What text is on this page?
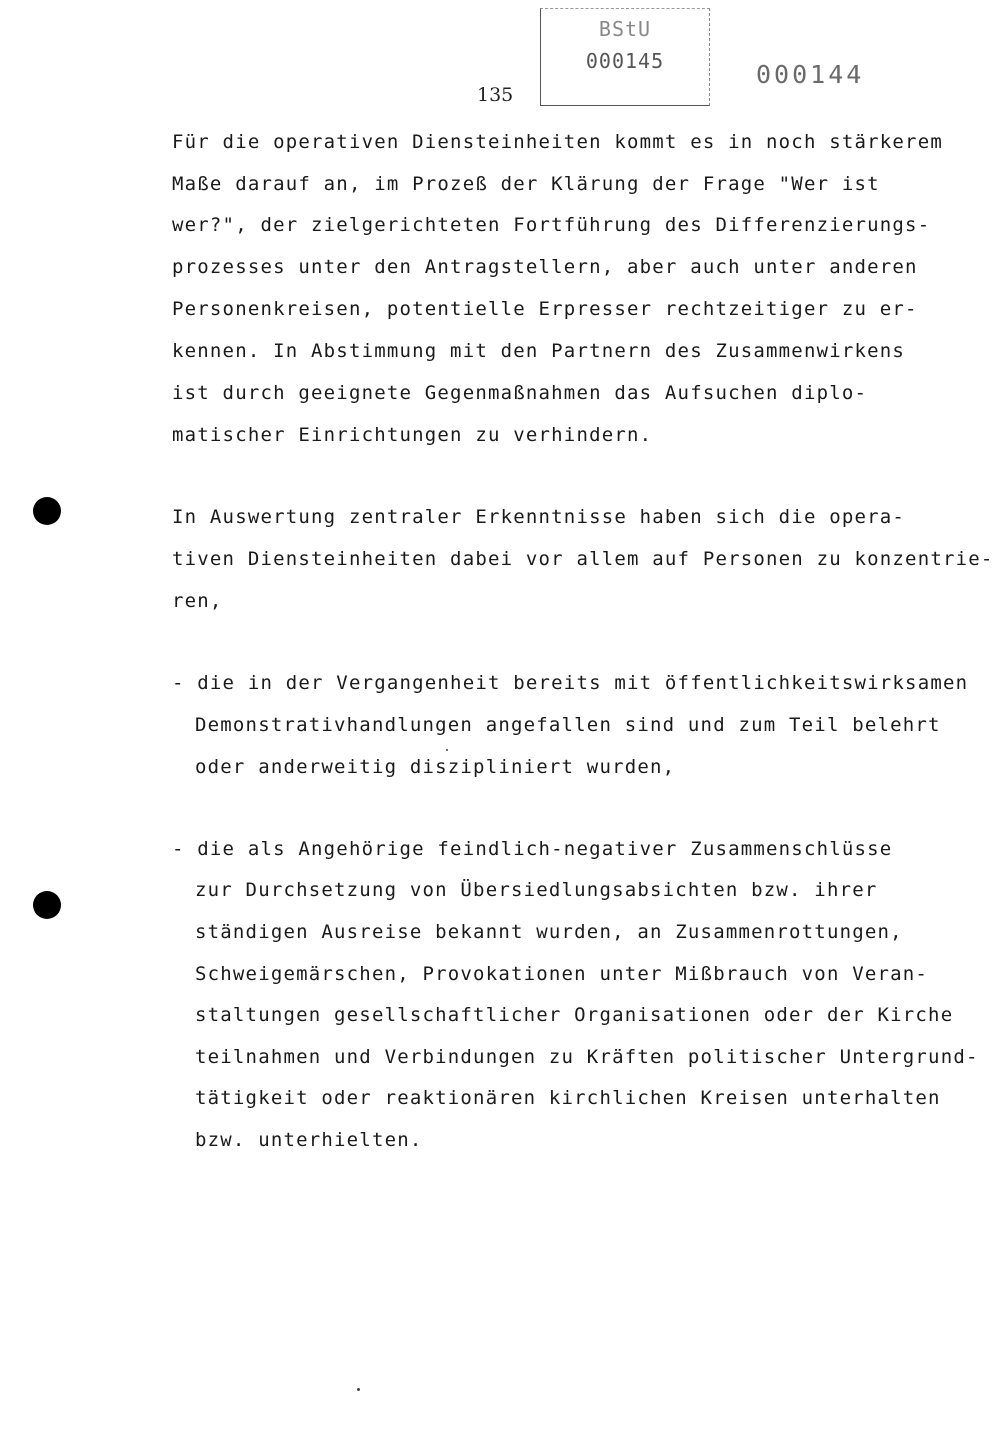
BStU
000145
135
000144

Für die operativen Diensteinheiten kommt es in noch stärkerem

Maße darauf an, im Prozeß der Klärung der Frage "Wer ist

wer?", der zielgerichteten Fortführung des Differenzierungs-

prozesses unter den Antragstellern, aber auch unter anderen

Personenkreisen, potentielle Erpresser rechtzeitiger zu er-

kennen. In Abstimmung mit den Partnern des Zusammenwirkens

ist durch geeignete Gegenmaßnahmen das Aufsuchen diplo-

matischer Einrichtungen zu verhindern.

In Auswertung zentraler Erkenntnisse haben sich die opera-

tiven Diensteinheiten dabei vor allem auf Personen zu konzentrie-

ren,

- die in der Vergangenheit bereits mit öffentlichkeitswirksamen

Demonstrativhandlungen angefallen sind und zum Teil belehrt

oder anderweitig diszipliniert wurden,

- die als Angehörige feindlich-negativer Zusammenschlüsse

zur Durchsetzung von Übersiedlungsabsichten bzw. ihrer

ständigen Ausreise bekannt wurden, an Zusammenrottungen,

Schweigemärschen, Provokationen unter Mißbrauch von Veran-

staltungen gesellschaftlicher Organisationen oder der Kirche

teilnahmen und Verbindungen zu Kräften politischer Untergrund-

tätigkeit oder reaktionären kirchlichen Kreisen unterhalten

bzw. unterhielten.
